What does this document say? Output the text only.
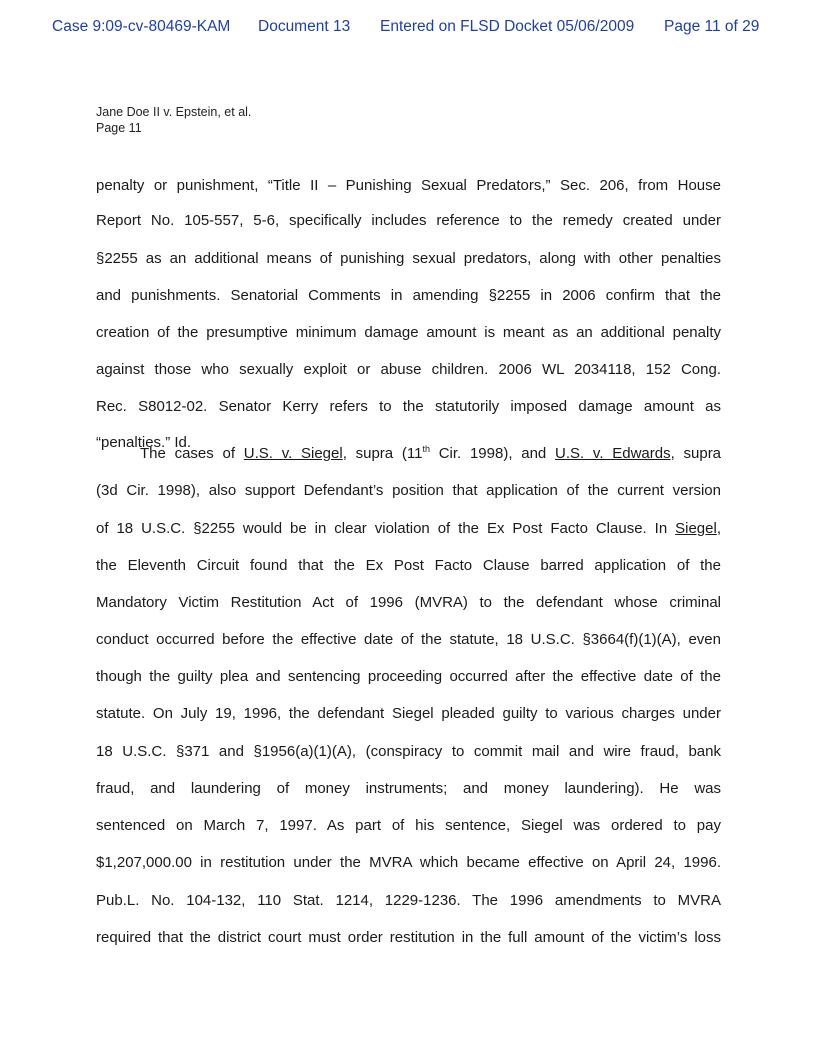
Case 9:09-cv-80469-KAM Document 13 Entered on FLSD Docket 05/06/2009 Page 11 of 29
Jane Doe II v. Epstein, et al.
Page 11
penalty or punishment, “Title II – Punishing Sexual Predators,” Sec. 206, from House
Report No. 105-557, 5-6, specifically includes reference to the remedy created under
§2255 as an additional means of punishing sexual predators, along with other penalties
and punishments. Senatorial Comments in amending §2255 in 2006 confirm that the
creation of the presumptive minimum damage amount is meant as an additional penalty
against those who sexually exploit or abuse children. 2006 WL 2034118, 152 Cong.
Rec. S8012-02. Senator Kerry refers to the statutorily imposed damage amount as
“penalties.” Id.
The cases of U.S. v. Siegel, supra (11th Cir. 1998), and U.S. v. Edwards, supra
(3d Cir. 1998), also support Defendant’s position that application of the current version
of 18 U.S.C. §2255 would be in clear violation of the Ex Post Facto Clause. In Siegel,
the Eleventh Circuit found that the Ex Post Facto Clause barred application of the
Mandatory Victim Restitution Act of 1996 (MVRA) to the defendant whose criminal
conduct occurred before the effective date of the statute, 18 U.S.C. §3664(f)(1)(A), even
though the guilty plea and sentencing proceeding occurred after the effective date of the
statute. On July 19, 1996, the defendant Siegel pleaded guilty to various charges under
18 U.S.C. §371 and §1956(a)(1)(A), (conspiracy to commit mail and wire fraud, bank
fraud, and laundering of money instruments; and money laundering). He was
sentenced on March 7, 1997. As part of his sentence, Siegel was ordered to pay
$1,207,000.00 in restitution under the MVRA which became effective on April 24, 1996.
Pub.L. No. 104-132, 110 Stat. 1214, 1229-1236. The 1996 amendments to MVRA
required that the district court must order restitution in the full amount of the victim’s loss
